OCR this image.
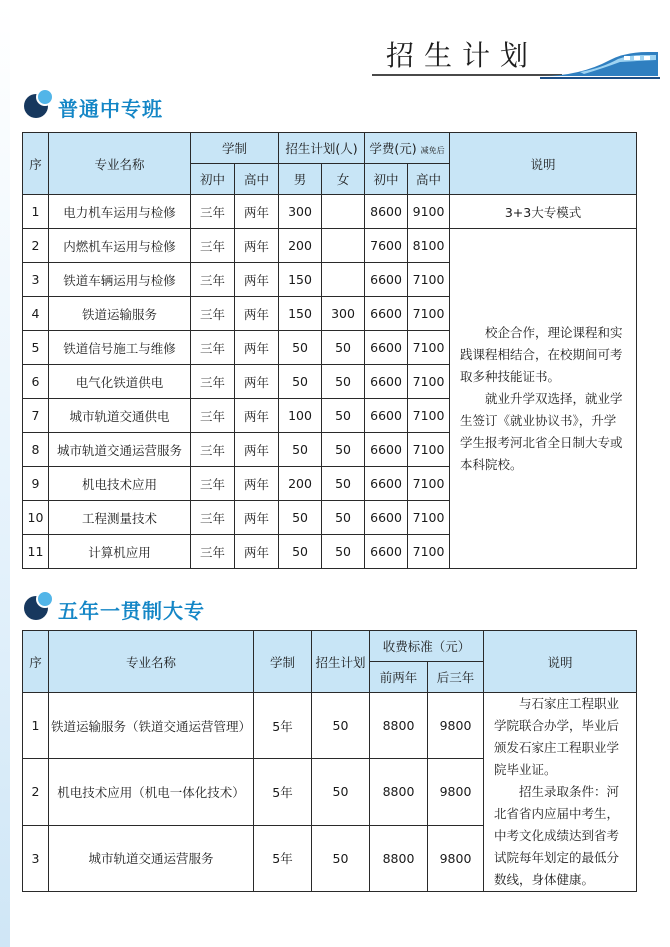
招生计划
普通中专班
序	专业名称	学制		招生计划(人)		学费(元) 减免后		说明
		初中	高中	男	女	初中	高中	
1	电力机车运用与检修	三年	两年	300		8600	9100	3+3大专模式
2	内燃机车运用与检修	三年	两年	200		7600	8100	校企合作，理论课程和实践课程相结合，在校期间可考取多种技能证书。

就业升学双选择，就业学生签订《就业协议书》，升学学生报考河北省全日制大专或本科院校。

3	铁道车辆运用与检修	三年	两年	150		6600	7100	
4	铁道运输服务	三年	两年	150	300	6600	7100	
5	铁道信号施工与维修	三年	两年	50	50	6600	7100	
6	电气化铁道供电	三年	两年	50	50	6600	7100	
7	城市轨道交通供电	三年	两年	100	50	6600	7100	
8	城市轨道交通运营服务	三年	两年	50	50	6600	7100	
9	机电技术应用	三年	两年	200	50	6600	7100	
10	工程测量技术	三年	两年	50	50	6600	7100	
11	计算机应用	三年	两年	50	50	6600	7100	
五年一贯制大专
序	专业名称	学制	招生计划	收费标准（元）		说明
				前两年	后三年	
1	铁道运输服务（铁道交通运营管理）	5年	50	8800	9800	与石家庄工程职业学院联合办学，毕业后颁发石家庄工程职业学院毕业证。

招生录取条件：河北省省内应届中考生，中考文化成绩达到省考试院每年划定的最低分数线，身体健康。

2	机电技术应用（机电一体化技术）	5年	50	8800	9800	
3	城市轨道交通运营服务	5年	50	8800	9800	
